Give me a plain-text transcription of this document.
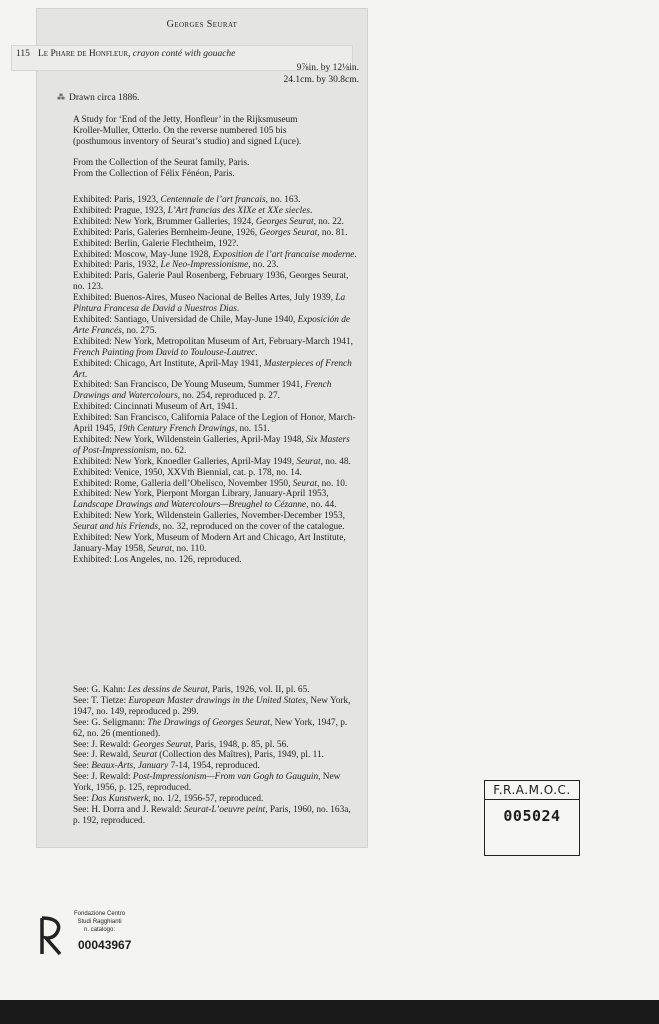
Georges Seurat
115 Le Phare de Honfleur, crayon conté with gouache
9⅞in. by 12⅛in.
24.1cm. by 30.8cm.
⁂ Drawn circa 1886.

A Study for ‘End of the Jetty, Honfleur’ in the Rijksmuseum

Kroller-Muller, Otterlo. On the reverse numbered 105 bis

(posthumous inventory of Seurat’s studio) and signed L(uce).

From the Collection of the Seurat family, Paris.

From the Collection of Félix Fénéon, Paris.

Exhibited: Paris, 1923, Centennale de l’art francais, no. 163.

Exhibited: Prague, 1923, L’Art francias des XIXe et XXe siecles.

Exhibited: New York, Brummer Galleries, 1924, Georges Seurat, no. 22.

Exhibited: Paris, Galeries Bernheim-Jeune, 1926, Georges Seurat, no. 81.

Exhibited: Berlin, Galerie Flechtheim, 192?.

Exhibited: Moscow, May-June 1928, Exposition de l’art francaise moderne.

Exhibited: Paris, 1932, Le Neo-Impressionisme, no. 23.

Exhibited: Paris, Galerie Paul Rosenberg, February 1936, Georges Seurat, no. 123.

Exhibited: Buenos-Aires, Museo Nacional de Belles Artes, July 1939, La Pintura Francesa de David a Nuestros Dias.

Exhibited: Santiago, Universidad de Chile, May-June 1940, Exposición de Arte Francés, no. 275.

Exhibited: New York, Metropolitan Museum of Art, February-March 1941, French Painting from David to Toulouse-Lautrec.

Exhibited: Chicago, Art Institute, April-May 1941, Masterpieces of French Art.

Exhibited: San Francisco, De Young Museum, Summer 1941, French Drawings and Watercolours, no. 254, reproduced p. 27.

Exhibited: Cincinnati Museum of Art, 1941.

Exhibited: San Francisco, California Palace of the Legion of Honor, March-April 1945, 19th Century French Drawings, no. 151.

Exhibited: New York, Wildenstein Galleries, April-May 1948, Six Masters of Post-Impressionism, no. 62.

Exhibited: New York, Knoedler Galleries, April-May 1949, Seurat, no. 48.

Exhibited: Venice, 1950, XXVth Biennial, cat. p. 178, no. 14.

Exhibited: Rome, Galleria dell’Obelisco, November 1950, Seurat, no. 10.

Exhibited: New York, Pierpont Morgan Library, January-April 1953, Landscape Drawings and Watercolours—Breughel to Cézanne, no. 44.

Exhibited: New York, Wildenstein Galleries, November-December 1953, Seurat and his Friends, no. 32, reproduced on the cover of the catalogue.

Exhibited: New York, Museum of Modern Art and Chicago, Art Institute, January-May 1958, Seurat, no. 110.

Exhibited: Los Angeles, no. 126, reproduced.

See: G. Kahn: Les dessins de Seurat, Paris, 1926, vol. II, pl. 65.

See: T. Tietze: European Master drawings in the United States, New York, 1947, no. 149, reproduced p. 299.

See: G. Seligmann: The Drawings of Georges Seurat, New York, 1947, p. 62, no. 26 (mentioned).

See: J. Rewald: Georges Seurat, Paris, 1948, p. 85, pl. 56.

See: J. Rewald, Seurat (Collection des Maîtres), Paris, 1949, pl. 11.

See: Beaux-Arts, January 7-14, 1954, reproduced.

See: J. Rewald: Post-Impressionism—From van Gogh to Gauguin, New York, 1956, p. 125, reproduced.

See: Das Kunstwerk, no. 1/2, 1956-57, reproduced.

See: H. Dorra and J. Rewald: Seurat-L’oeuvre peint, Paris, 1960, no. 163a, p. 192, reproduced.

F.R.A.M.O.C.
005024
Fondazione Centro
Studi Ragghianti
n. catalogo:
00043967
